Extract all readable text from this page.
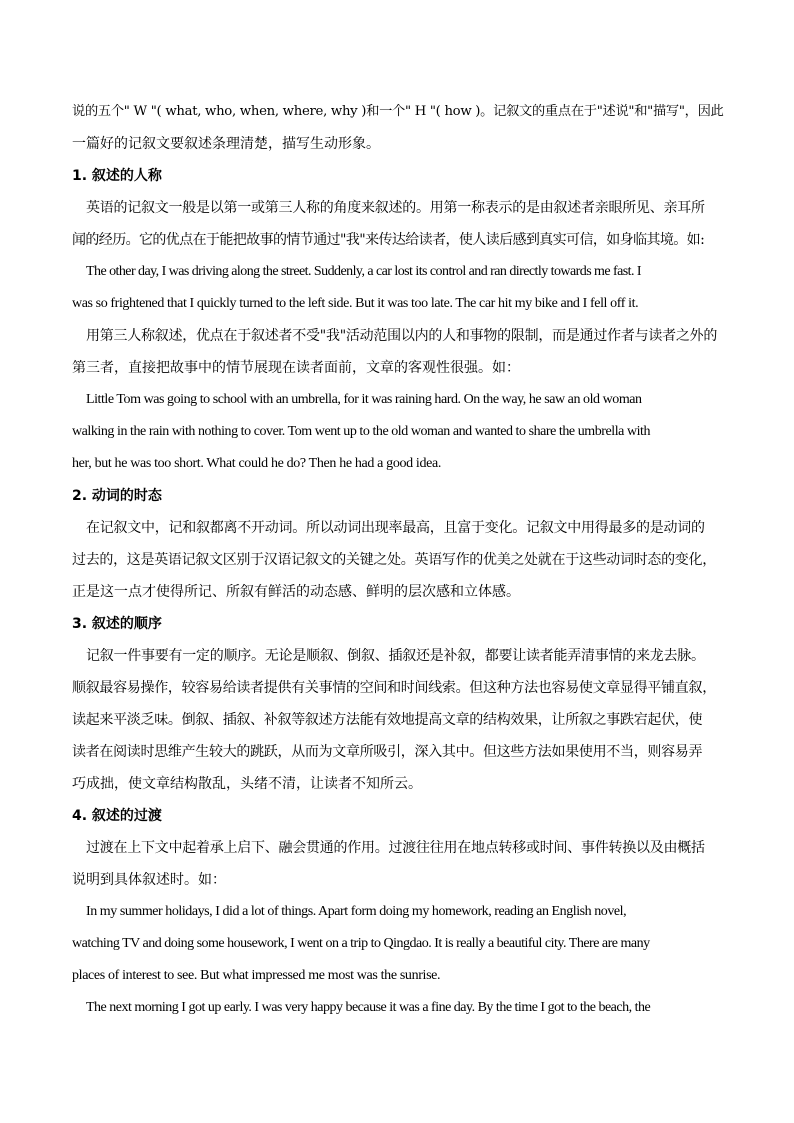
说的五个" W "( what, who, when, where, why )和一个" H "( how )。记叙文的重点在于"述说"和"描写"，因此
一篇好的记叙文要叙述条理清楚，描写生动形象。
1. 叙述的人称
英语的记叙文一般是以第一或第三人称的角度来叙述的。用第一称表示的是由叙述者亲眼所见、亲耳所
闻的经历。它的优点在于能把故事的情节通过"我"来传达给读者，使人读后感到真实可信，如身临其境。如:
The other day, I was driving along the street. Suddenly, a car lost its control and ran directly towards me fast. I
was so frightened that I quickly turned to the left side. But it was too late. The car hit my bike and I fell off it.
用第三人称叙述，优点在于叙述者不受"我"活动范围以内的人和事物的限制，而是通过作者与读者之外的
第三者，直接把故事中的情节展现在读者面前，文章的客观性很强。如：
Little Tom was going to school with an umbrella, for it was raining hard. On the way, he saw an old woman
walking in the rain with nothing to cover. Tom went up to the old woman and wanted to share the umbrella with
her, but he was too short. What could he do? Then he had a good idea.
2. 动词的时态
在记叙文中，记和叙都离不开动词。所以动词出现率最高，且富于变化。记叙文中用得最多的是动词的
过去的，这是英语记叙文区别于汉语记叙文的关键之处。英语写作的优美之处就在于这些动词时态的变化，
正是这一点才使得所记、所叙有鲜活的动态感、鲜明的层次感和立体感。
3. 叙述的顺序
记叙一件事要有一定的顺序。无论是顺叙、倒叙、插叙还是补叙，都要让读者能弄清事情的来龙去脉。
顺叙最容易操作，较容易给读者提供有关事情的空间和时间线索。但这种方法也容易使文章显得平铺直叙，
读起来平淡乏味。倒叙、插叙、补叙等叙述方法能有效地提高文章的结构效果，让所叙之事跌宕起伏，使
读者在阅读时思维产生较大的跳跃，从而为文章所吸引，深入其中。但这些方法如果使用不当，则容易弄
巧成拙，使文章结构散乱，头绪不清，让读者不知所云。
4. 叙述的过渡
过渡在上下文中起着承上启下、融会贯通的作用。过渡往往用在地点转移或时间、事件转换以及由概括
说明到具体叙述时。如：
In my summer holidays, I did a lot of things. Apart form doing my homework, reading an English novel,
watching TV and doing some housework, I went on a trip to Qingdao. It is really a beautiful city. There are many
places of interest to see. But what impressed me most was the sunrise.
The next morning I got up early. I was very happy because it was a fine day. By the time I got to the beach, the
